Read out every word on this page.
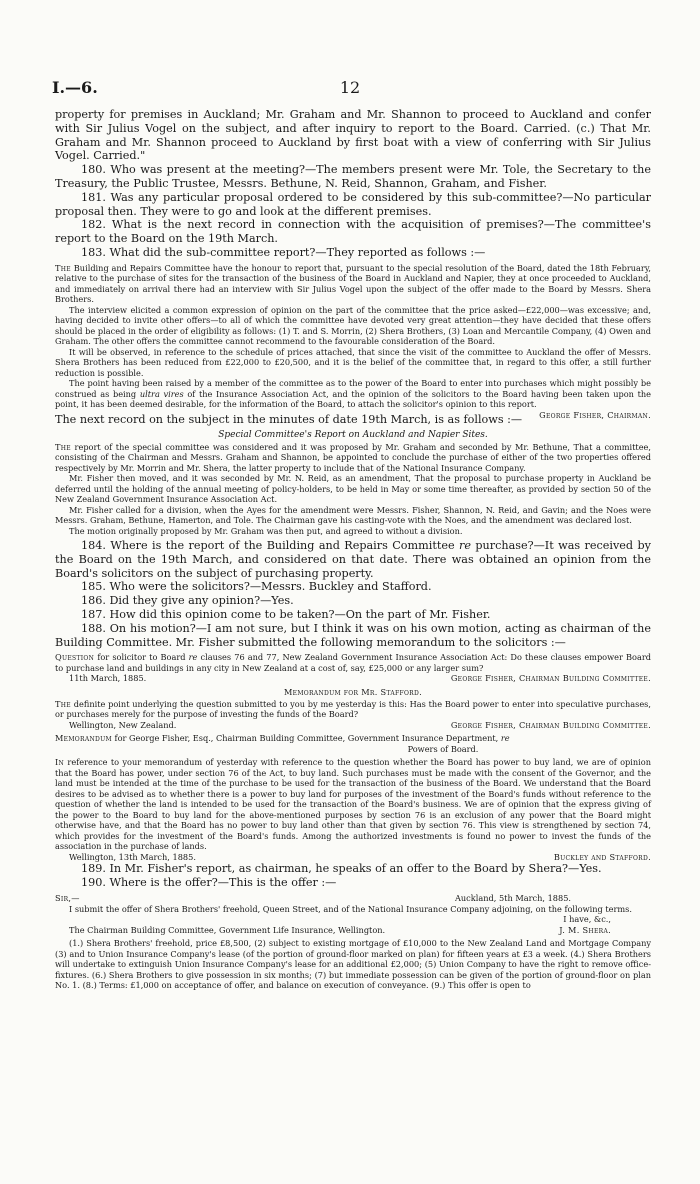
I.—6.	12

property for premises in Auckland; Mr. Graham and Mr. Shannon to proceed to Auckland and confer with Sir Julius Vogel on the subject, and after inquiry to report to the Board. Carried. (c.) That Mr. Graham and Mr. Shannon proceed to Auckland by first boat with a view of conferring with Sir Julius Vogel. Carried."

180. Who was present at the meeting?—The members present were Mr. Tole, the Secretary to the Treasury, the Public Trustee, Messrs. Bethune, N. Reid, Shannon, Graham, and Fisher.

181. Was any particular proposal ordered to be considered by this sub-committee?—No particular proposal then. They were to go and look at the different premises.

182. What is the next record in connection with the acquisition of premises?—The committee's report to the Board on the 19th March.

183. What did the sub-committee report?—They reported as follows :—

The Building and Repairs Committee have the honour to report that, pursuant to the special resolution of the Board, dated the 18th February, relative to the purchase of sites for the transaction of the business of the Board in Auckland and Napier, they at once proceeded to Auckland, and immediately on arrival there had an interview with Sir Julius Vogel upon the subject of the offer made to the Board by Messrs. Shera Brothers.

The interview elicited a common expression of opinion on the part of the committee that the price asked—£22,000—was excessive; and, having decided to invite other offers—to all of which the committee have devoted very great attention—they have decided that these offers should be placed in the order of eligibility as follows: (1) T. and S. Morrin, (2) Shera Brothers, (3) Loan and Mercantile Company, (4) Owen and Graham. The other offers the committee cannot recommend to the favourable consideration of the Board.

It will be observed, in reference to the schedule of prices attached, that since the visit of the committee to Auckland the offer of Messrs. Shera Brothers has been reduced from £22,000 to £20,500, and it is the belief of the committee that, in regard to this offer, a still further reduction is possible.

The point having been raised by a member of the committee as to the power of the Board to enter into purchases which might possibly be construed as being ultra vires of the Insurance Association Act, and the opinion of the solicitors to the Board having been taken upon the point, it has been deemed desirable, for the information of the Board, to attach the solicitor's opinion to this report.
George Fisher, Chairman.

The next record on the subject in the minutes of date 19th March, is as follows :—

Special Committee's Report on Auckland and Napier Sites.

The report of the special committee was considered and it was proposed by Mr. Graham and seconded by Mr. Bethune, That a committee, consisting of the Chairman and Messrs. Graham and Shannon, be appointed to conclude the purchase of either of the two properties offered respectively by Mr. Morrin and Mr. Shera, the latter property to include that of the National Insurance Company.

Mr. Fisher then moved, and it was seconded by Mr. N. Reid, as an amendment, That the proposal to purchase property in Auckland be deferred until the holding of the annual meeting of policy-holders, to be held in May or some time thereafter, as provided by section 50 of the New Zealand Government Insurance Association Act.

Mr. Fisher called for a division, when the Ayes for the amendment were Messrs. Fisher, Shannon, N. Reid, and Gavin; and the Noes were Messrs. Graham, Bethune, Hamerton, and Tole. The Chairman gave his casting-vote with the Noes, and the amendment was declared lost.

The motion originally proposed by Mr. Graham was then put, and agreed to without a division.

184. Where is the report of the Building and Repairs Committee re purchase?—It was received by the Board on the 19th March, and considered on that date. There was obtained an opinion from the Board's solicitors on the subject of purchasing property.

185. Who were the solicitors?—Messrs. Buckley and Stafford.

186. Did they give any opinion?—Yes.

187. How did this opinion come to be taken?—On the part of Mr. Fisher.

188. On his motion?—I am not sure, but I think it was on his own motion, acting as chairman of the Building Committee. Mr. Fisher submitted the following memorandum to the solicitors :—

Question for solicitor to Board re clauses 76 and 77, New Zealand Government Insurance Association Act: Do these clauses empower Board to purchase land and buildings in any city in New Zealand at a cost of, say, £25,000 or any larger sum?

11th March, 1885.	George Fisher, Chairman Building Committee.

Memorandum for Mr. Stafford.

The definite point underlying the question submitted to you by me yesterday is this: Has the Board power to enter into speculative purchases, or purchases merely for the purpose of investing the funds of the Board?

Wellington, New Zealand.	George Fisher, Chairman Building Committee.

Memorandum for George Fisher, Esq., Chairman Building Committee, Government Insurance Department, re

Powers of Board.

In reference to your memorandum of yesterday with reference to the question whether the Board has power to buy land, we are of opinion that the Board has power, under section 76 of the Act, to buy land. Such purchases must be made with the consent of the Governor, and the land must be intended at the time of the purchase to be used for the transaction of the business of the Board. We understand that the Board desires to be advised as to whether there is a power to buy land for purposes of the investment of the Board's funds without reference to the question of whether the land is intended to be used for the transaction of the Board's business. We are of opinion that the express giving of the power to the Board to buy land for the above-mentioned purposes by section 76 is an exclusion of any power that the Board might otherwise have, and that the Board has no power to buy land other than that given by section 76. This view is strengthened by section 74, which provides for the investment of the Board's funds. Among the authorized investments is found no power to invest the funds of the association in the purchase of lands.

Wellington, 13th March, 1885.	Buckley and Stafford.

189. In Mr. Fisher's report, as chairman, he speaks of an offer to the Board by Shera?—Yes.

190. Where is the offer?—This is the offer :—

Sir,—	Auckland, 5th March, 1885.

I submit the offer of Shera Brothers' freehold, Queen Street, and of the National Insurance Company adjoining, on the following terms.

I have, &c.,

The Chairman Building Committee, Government Life Insurance, Wellington.	J. M. Shera.

(1.) Shera Brothers' freehold, price £8,500, (2) subject to existing mortgage of £10,000 to the New Zealand Land and Mortgage Company (3) and to Union Insurance Company's lease (of the portion of ground-floor marked on plan) for fifteen years at £3 a week. (4.) Shera Brothers will undertake to extinguish Union Insurance Company's lease for an additional £2,000; (5) Union Company to have the right to remove office-fixtures. (6.) Shera Brothers to give possession in six months; (7) but immediate possession can be given of the portion of ground-floor on plan No. 1. (8.) Terms: £1,000 on acceptance of offer, and balance on execution of conveyance. (9.) This offer is open to
